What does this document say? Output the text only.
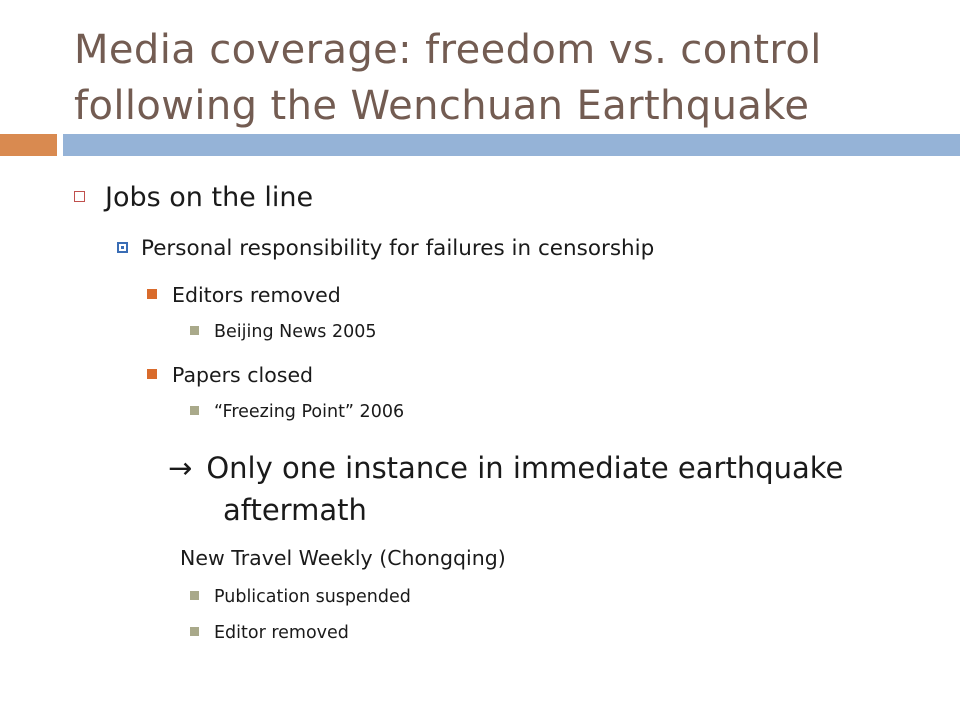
Media coverage: freedom vs. control
following the Wenchuan Earthquake
Jobs on the line
Personal responsibility for failures in censorship
Editors removed
Beijing News 2005
Papers closed
“Freezing Point” 2006
→ Only one instance in immediate earthquake
aftermath
New Travel Weekly (Chongqing)
Publication suspended
Editor removed
